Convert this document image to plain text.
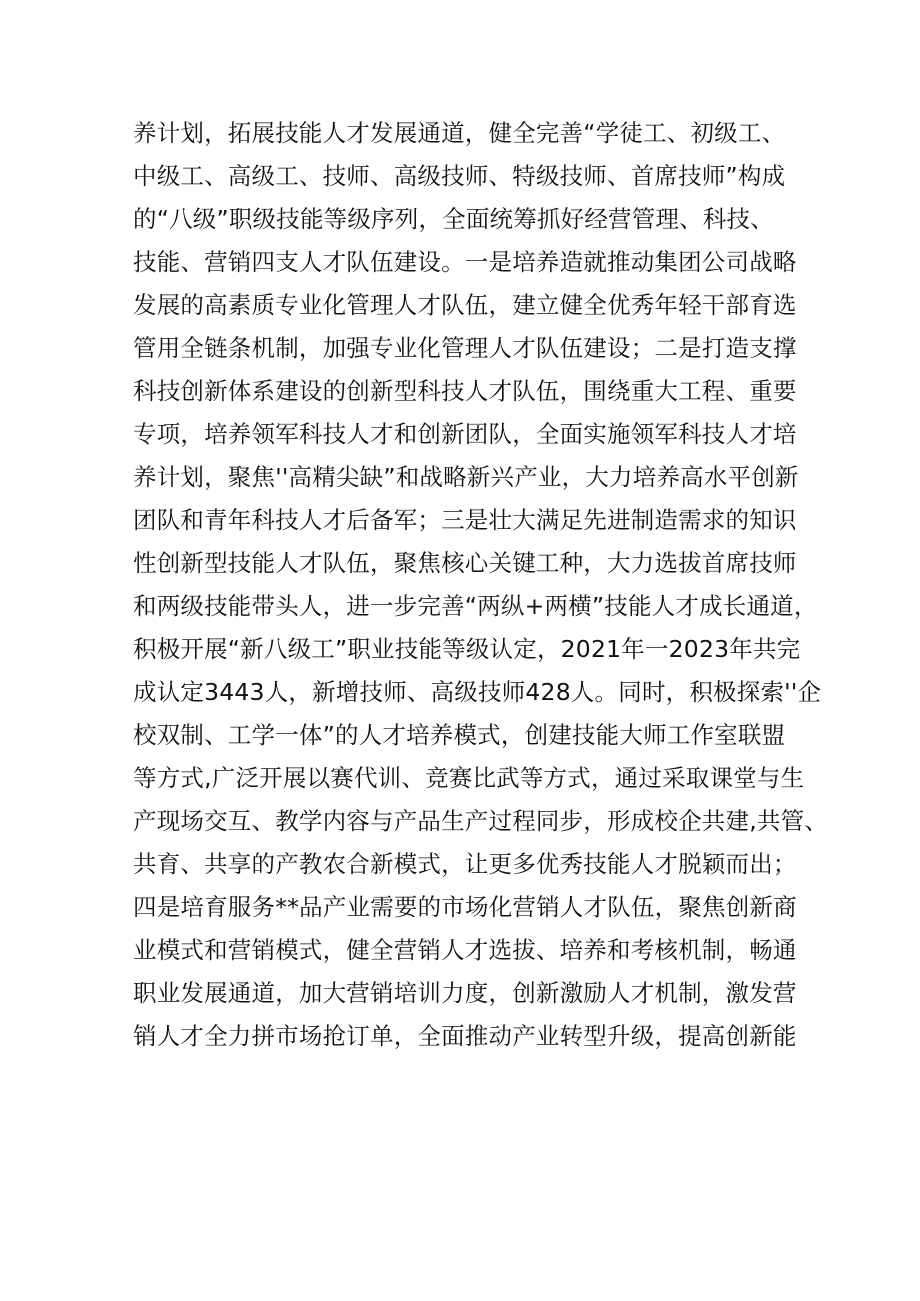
养计划，拓展技能人才发展通道，健全完善“学徒工、初级工、
中级工、高级工、技师、高级技师、特级技师、首席技师”构成
的“八级”职级技能等级序列，全面统筹抓好经营管理、科技、
技能、营销四支人才队伍建设。一是培养造就推动集团公司战略
发展的高素质专业化管理人才队伍，建立健全优秀年轻干部育选
管用全链条机制，加强专业化管理人才队伍建设；二是打造支撑
科技创新体系建设的创新型科技人才队伍，围绕重大工程、重要
专项，培养领军科技人才和创新团队，全面实施领军科技人才培
养计划，聚焦''高精尖缺”和战略新兴产业，大力培养高水平创新
团队和青年科技人才后备军；三是壮大满足先进制造需求的知识
性创新型技能人才队伍，聚焦核心关键工种，大力选拔首席技师
和两级技能带头人，进一步完善“两纵+两横”技能人才成长通道，
积极开展“新八级工”职业技能等级认定，2021年一2023年共完
成认定3443人，新增技师、高级技师428人。同时，积极探索''企
校双制、工学一体”的人才培养模式，创建技能大师工作室联盟
等方式,广泛开展以赛代训、竞赛比武等方式，通过采取课堂与生
产现场交互、教学内容与产品生产过程同步，形成校企共建,共管、
共育、共享的产教农合新模式，让更多优秀技能人才脱颖而出；
四是培育服务**品产业需要的市场化营销人才队伍，聚焦创新商
业模式和营销模式，健全营销人才选拔、培养和考核机制，畅通
职业发展通道，加大营销培训力度，创新激励人才机制，激发营
销人才全力拼市场抢订单，全面推动产业转型升级，提高创新能
